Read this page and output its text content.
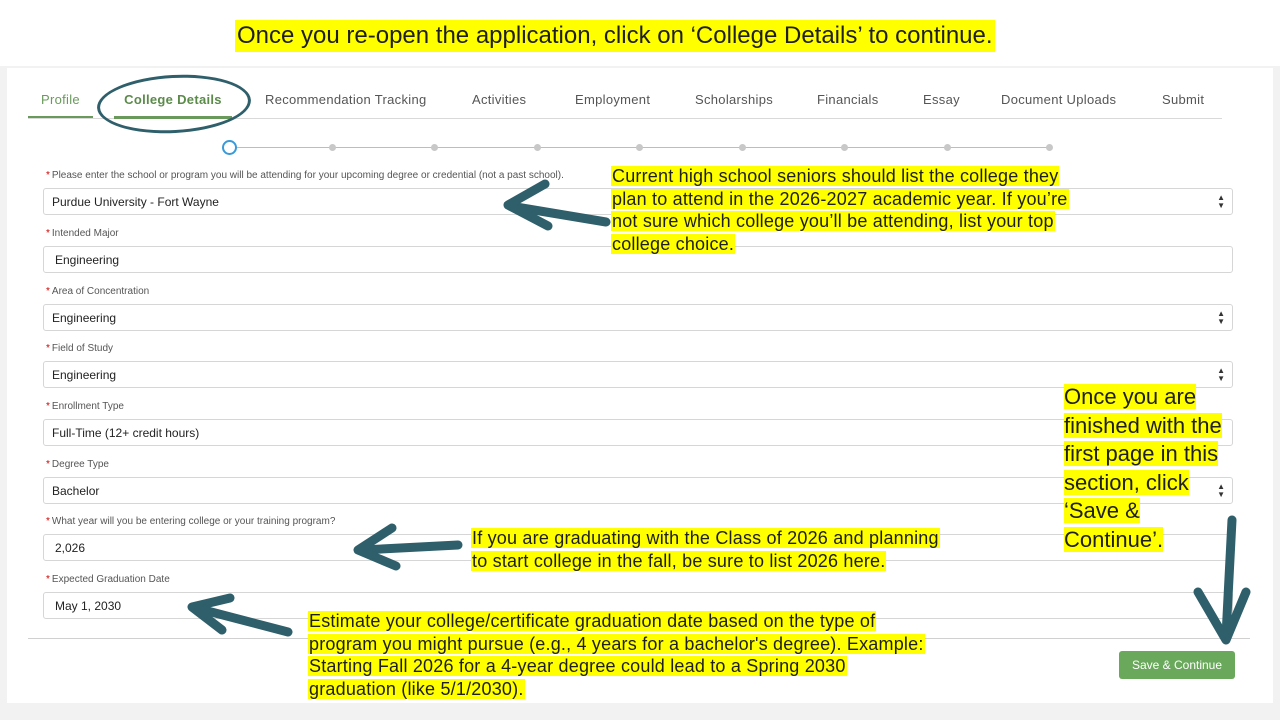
Once you re-open the application, click on ‘College Details’ to continue.
Profile	College Details	Recommendation Tracking	Activities	Employment	Scholarships	Financials	Essay	Document Uploads	Submit
* Please enter the school or program you will be attending for your upcoming degree or credential (not a past school).
Purdue University - Fort Wayne	▲
▼
* Intended Major
Engineering
* Area of Concentration
Engineering	▲
▼
* Field of Study
Engineering	▲
▼
* Enrollment Type
Full-Time (12+ credit hours)
* Degree Type
Bachelor	▲
▼
* What year will you be entering college or your training program?
2,026
* Expected Graduation Date
May 1, 2030
Save & Continue
Current high school seniors should list the college they
plan to attend in the 2026-2027 academic year. If you’re
not sure which college you’ll be attending, list your top
college choice.
If you are graduating with the Class of 2026 and planning
to start college in the fall, be sure to list 2026 here.
Estimate your college/certificate graduation date based on the type of
program you might pursue (e.g., 4 years for a bachelor's degree). Example:
Starting Fall 2026 for a 4-year degree could lead to a Spring 2030
graduation (like 5/1/2030).
Once you are
finished with the
first page in this
section, click
‘Save &
Continue’.
